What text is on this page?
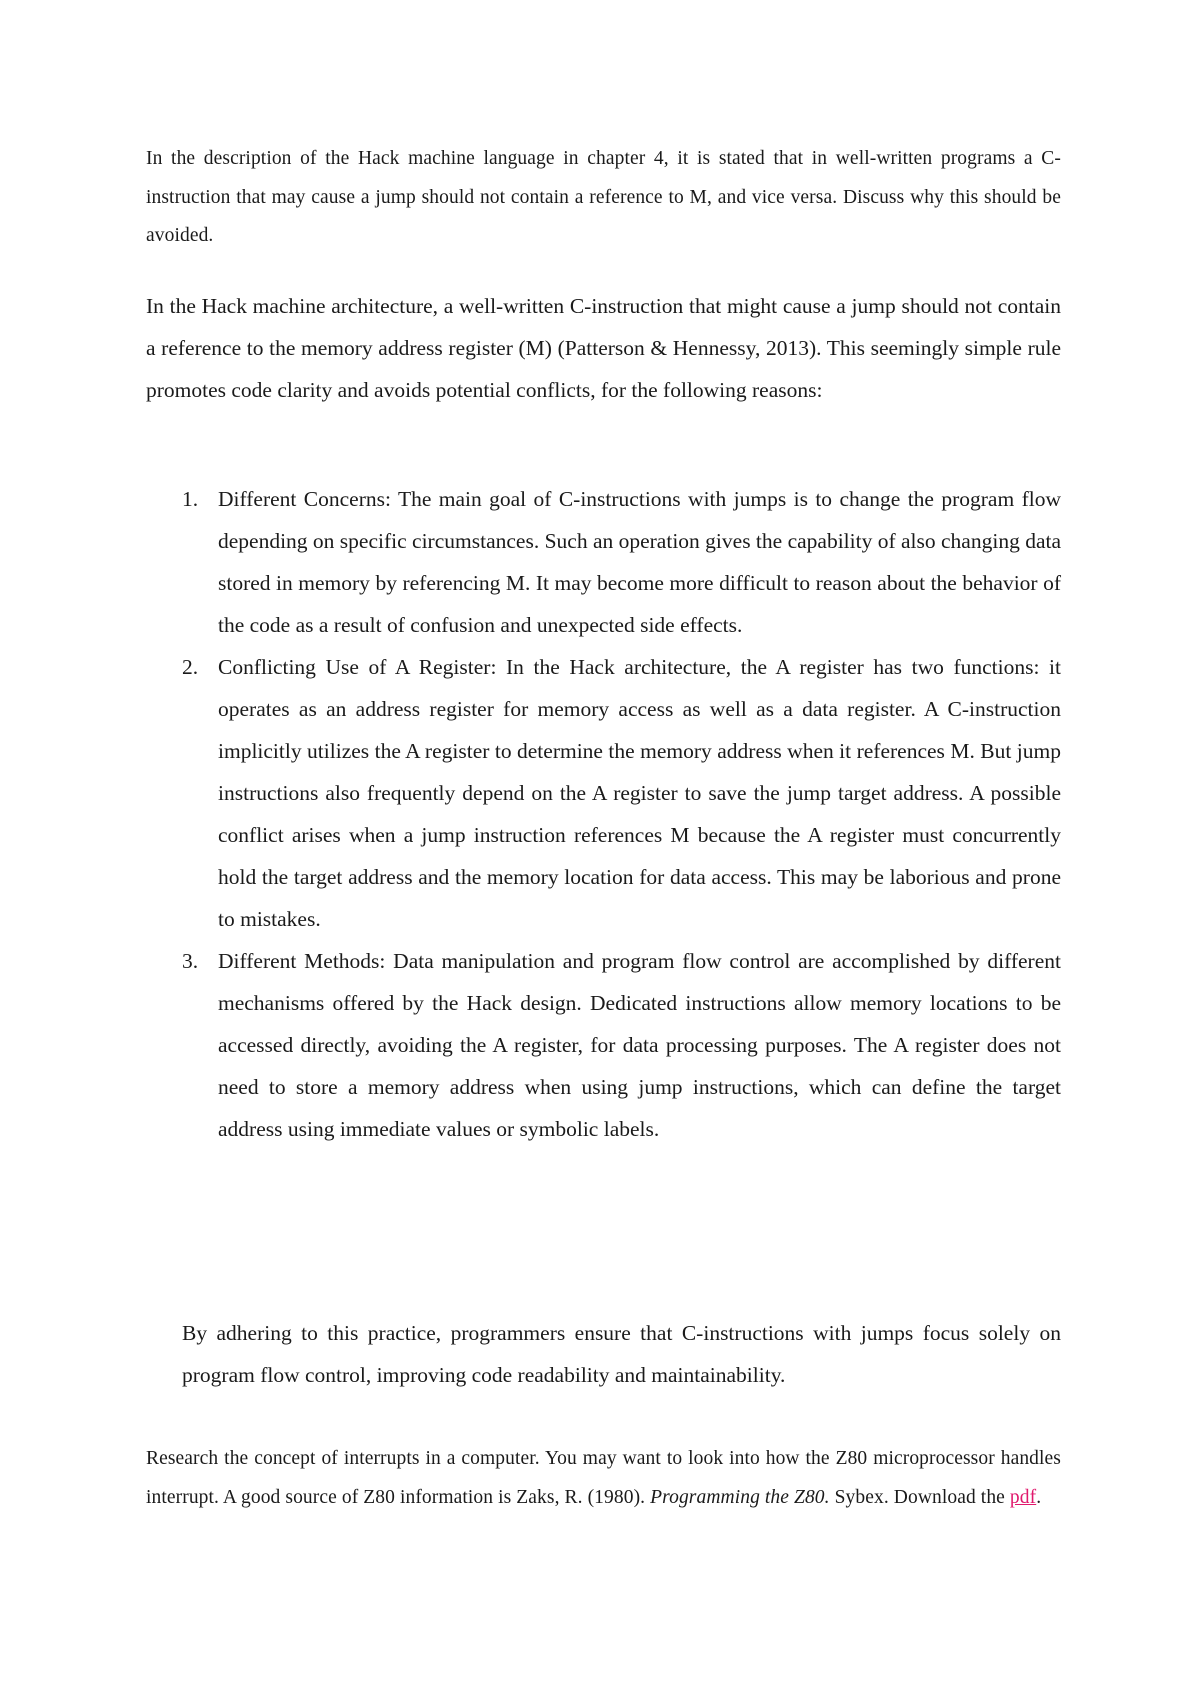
In the description of the Hack machine language in chapter 4, it is stated that in well-written programs a C-instruction that may cause a jump should not contain a reference to M, and vice versa. Discuss why this should be avoided.

In the Hack machine architecture, a well-written C-instruction that might cause a jump should not contain a reference to the memory address register (M) (Patterson & Hennessy, 2013). This seemingly simple rule promotes code clarity and avoids potential conflicts, for the following reasons:

1. Different Concerns: The main goal of C-instructions with jumps is to change the program flow depending on specific circumstances. Such an operation gives the capability of also changing data stored in memory by referencing M. It may become more difficult to reason about the behavior of the code as a result of confusion and unexpected side effects.
2. Conflicting Use of A Register: In the Hack architecture, the A register has two functions: it operates as an address register for memory access as well as a data register. A C-instruction implicitly utilizes the A register to determine the memory address when it references M. But jump instructions also frequently depend on the A register to save the jump target address. A possible conflict arises when a jump instruction references M because the A register must concurrently hold the target address and the memory location for data access. This may be laborious and prone to mistakes.
3. Different Methods: Data manipulation and program flow control are accomplished by different mechanisms offered by the Hack design. Dedicated instructions allow memory locations to be accessed directly, avoiding the A register, for data processing purposes. The A register does not need to store a memory address when using jump instructions, which can define the target address using immediate values or symbolic labels.

By adhering to this practice, programmers ensure that C-instructions with jumps focus solely on program flow control, improving code readability and maintainability.

Research the concept of interrupts in a computer. You may want to look into how the Z80 microprocessor handles interrupt. A good source of Z80 information is Zaks, R. (1980). Programming the Z80. Sybex. Download the pdf.
